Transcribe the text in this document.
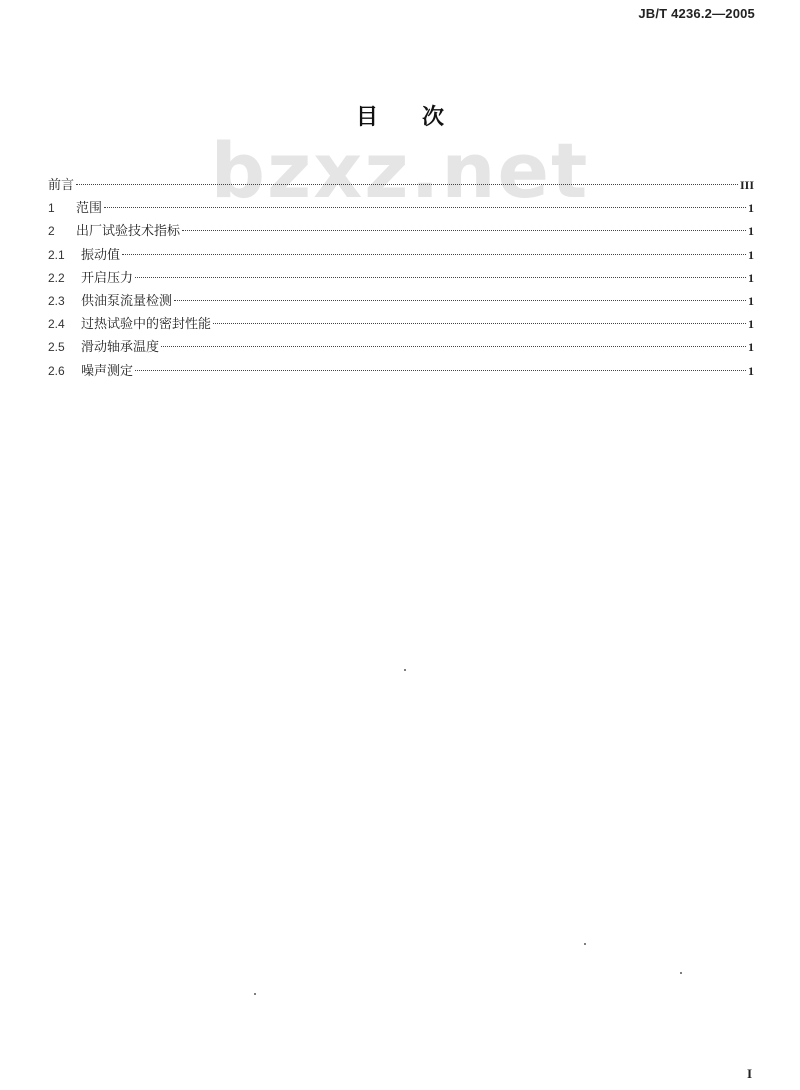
JB/T 4236.2—2005
bzxz.net
目次
前言	III
1	范围	1
2	出厂试验技术指标	1
2.1	振动值	1
2.2	开启压力	1
2.3	供油泵流量检测	1
2.4	过热试验中的密封性能	1
2.5	滑动轴承温度	1
2.6	噪声测定	1
I
